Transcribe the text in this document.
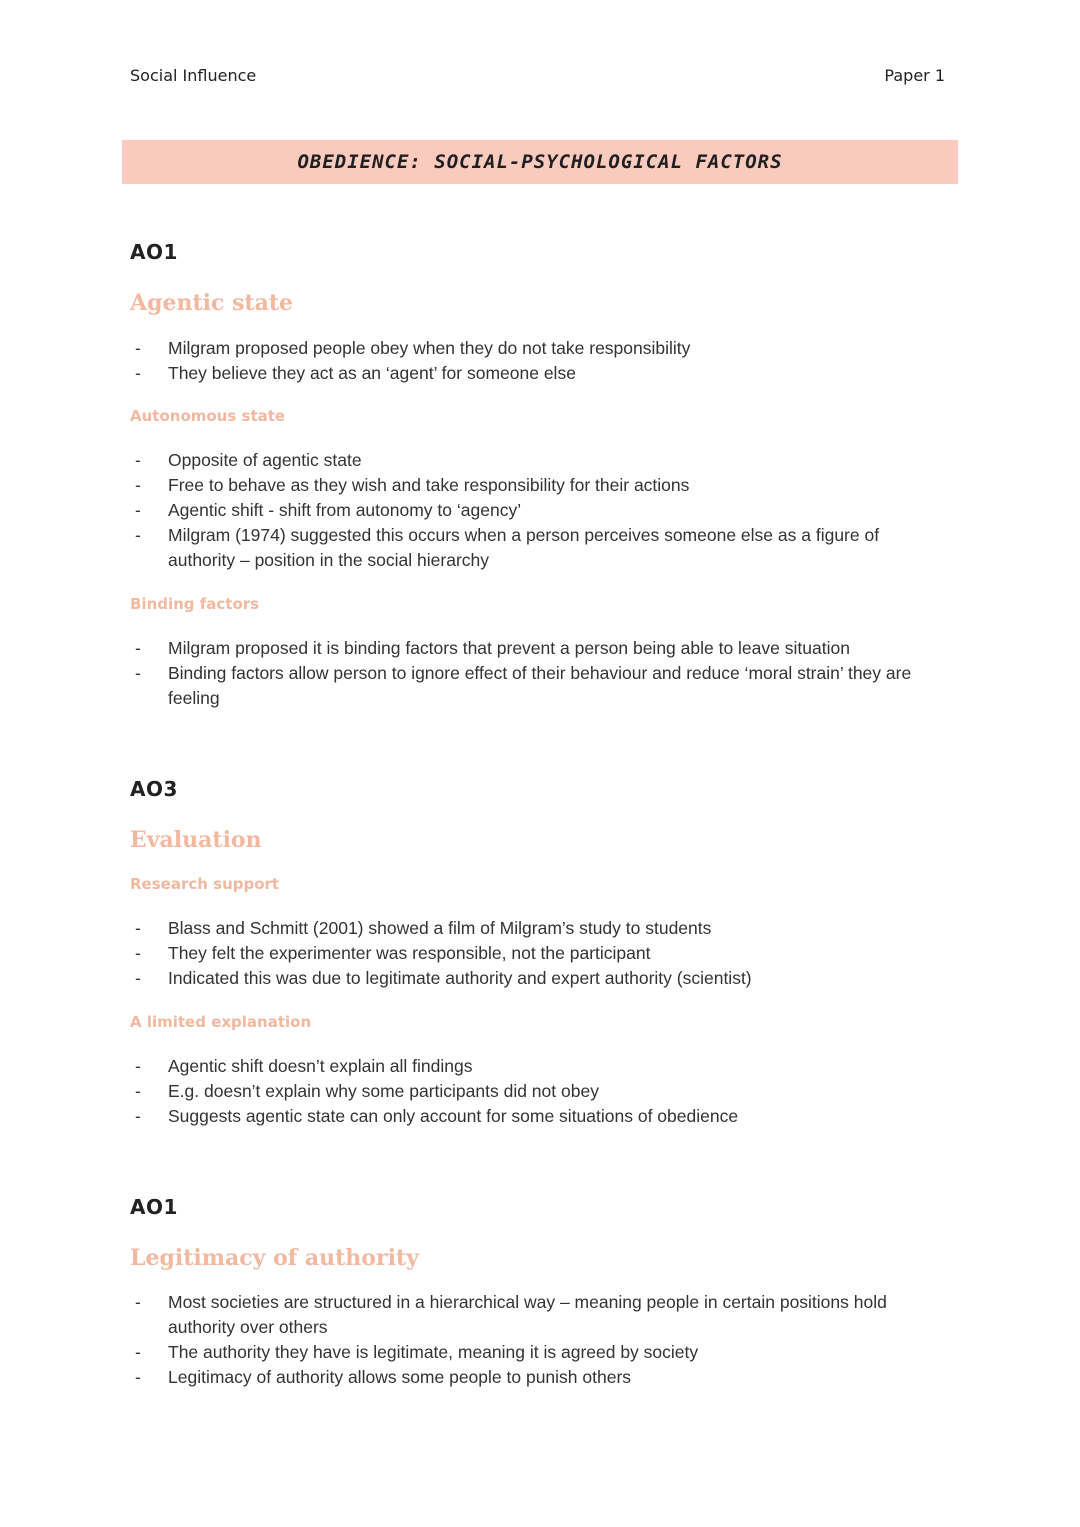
Social Influence	Paper 1
OBEDIENCE: SOCIAL-PSYCHOLOGICAL FACTORS
AO1
Agentic state
- Milgram proposed people obey when they do not take responsibility
- They believe they act as an ‘agent’ for someone else
Autonomous state
- Opposite of agentic state
- Free to behave as they wish and take responsibility for their actions
- Agentic shift - shift from autonomy to ‘agency’
- Milgram (1974) suggested this occurs when a person perceives someone else as a figure of authority – position in the social hierarchy
Binding factors
- Milgram proposed it is binding factors that prevent a person being able to leave situation
- Binding factors allow person to ignore effect of their behaviour and reduce ‘moral strain’ they are feeling
AO3
Evaluation
Research support
- Blass and Schmitt (2001) showed a film of Milgram’s study to students
- They felt the experimenter was responsible, not the participant
- Indicated this was due to legitimate authority and expert authority (scientist)
A limited explanation
- Agentic shift doesn’t explain all findings
- E.g. doesn’t explain why some participants did not obey
- Suggests agentic state can only account for some situations of obedience
AO1
Legitimacy of authority
- Most societies are structured in a hierarchical way – meaning people in certain positions hold authority over others
- The authority they have is legitimate, meaning it is agreed by society
- Legitimacy of authority allows some people to punish others
